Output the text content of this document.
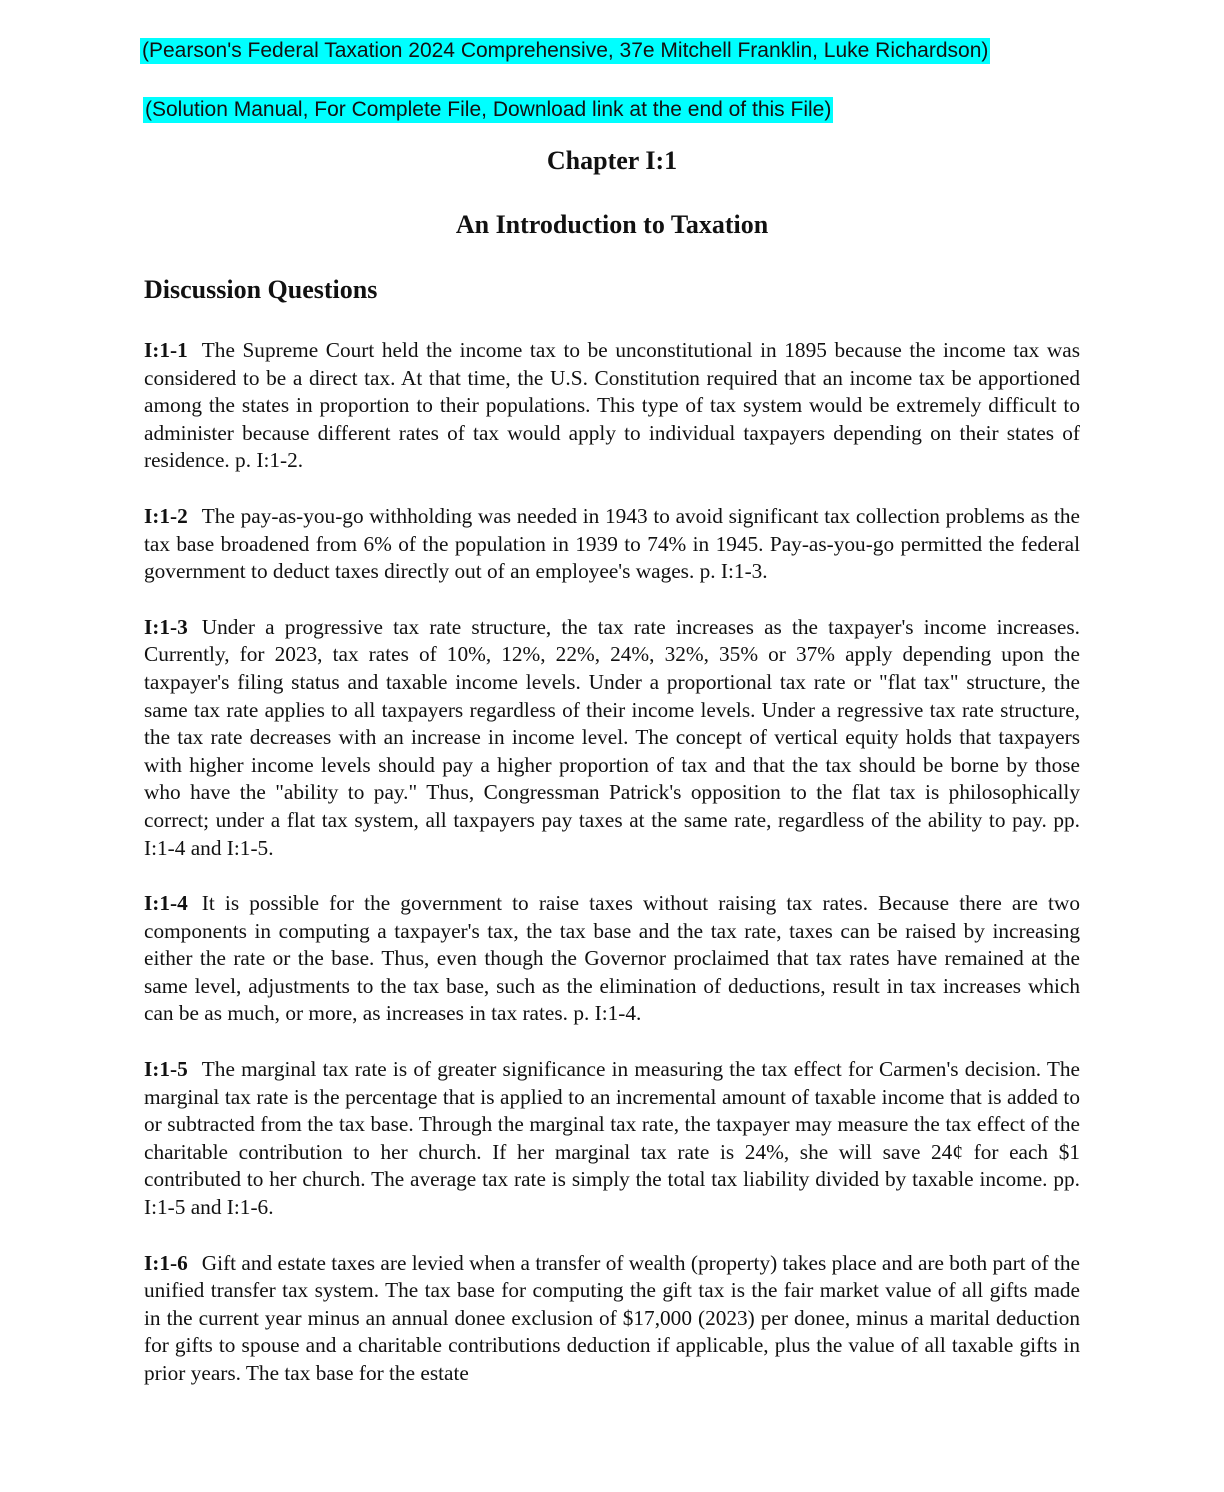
(Pearson's Federal Taxation 2024 Comprehensive, 37e Mitchell Franklin, Luke Richardson)
(Solution Manual, For Complete File, Download link at the end of this File)
Chapter I:1
An Introduction to Taxation
Discussion Questions

I:1-1 The Supreme Court held the income tax to be unconstitutional in 1895 because the income tax was considered to be a direct tax. At that time, the U.S. Constitution required that an income tax be apportioned among the states in proportion to their populations. This type of tax system would be extremely difficult to administer because different rates of tax would apply to individual taxpayers depending on their states of residence. p. I:1-2.

I:1-2 The pay-as-you-go withholding was needed in 1943 to avoid significant tax collection problems as the tax base broadened from 6% of the population in 1939 to 74% in 1945. Pay-as-you-go permitted the federal government to deduct taxes directly out of an employee's wages. p. I:1-3.

I:1-3 Under a progressive tax rate structure, the tax rate increases as the taxpayer's income increases. Currently, for 2023, tax rates of 10%, 12%, 22%, 24%, 32%, 35% or 37% apply depending upon the taxpayer's filing status and taxable income levels. Under a proportional tax rate or "flat tax" structure, the same tax rate applies to all taxpayers regardless of their income levels. Under a regressive tax rate structure, the tax rate decreases with an increase in income level. The concept of vertical equity holds that taxpayers with higher income levels should pay a higher proportion of tax and that the tax should be borne by those who have the "ability to pay." Thus, Congressman Patrick's opposition to the flat tax is philosophically correct; under a flat tax system, all taxpayers pay taxes at the same rate, regardless of the ability to pay. pp. I:1-4 and I:1-5.

I:1-4 It is possible for the government to raise taxes without raising tax rates. Because there are two components in computing a taxpayer's tax, the tax base and the tax rate, taxes can be raised by increasing either the rate or the base. Thus, even though the Governor proclaimed that tax rates have remained at the same level, adjustments to the tax base, such as the elimination of deductions, result in tax increases which can be as much, or more, as increases in tax rates. p. I:1-4.

I:1-5 The marginal tax rate is of greater significance in measuring the tax effect for Carmen's decision. The marginal tax rate is the percentage that is applied to an incremental amount of taxable income that is added to or subtracted from the tax base. Through the marginal tax rate, the taxpayer may measure the tax effect of the charitable contribution to her church. If her marginal tax rate is 24%, she will save 24¢ for each $1 contributed to her church. The average tax rate is simply the total tax liability divided by taxable income. pp. I:1-5 and I:1-6.

I:1-6 Gift and estate taxes are levied when a transfer of wealth (property) takes place and are both part of the unified transfer tax system. The tax base for computing the gift tax is the fair market value of all gifts made in the current year minus an annual donee exclusion of $17,000 (2023) per donee, minus a marital deduction for gifts to spouse and a charitable contributions deduction if applicable, plus the value of all taxable gifts in prior years. The tax base for the estate
